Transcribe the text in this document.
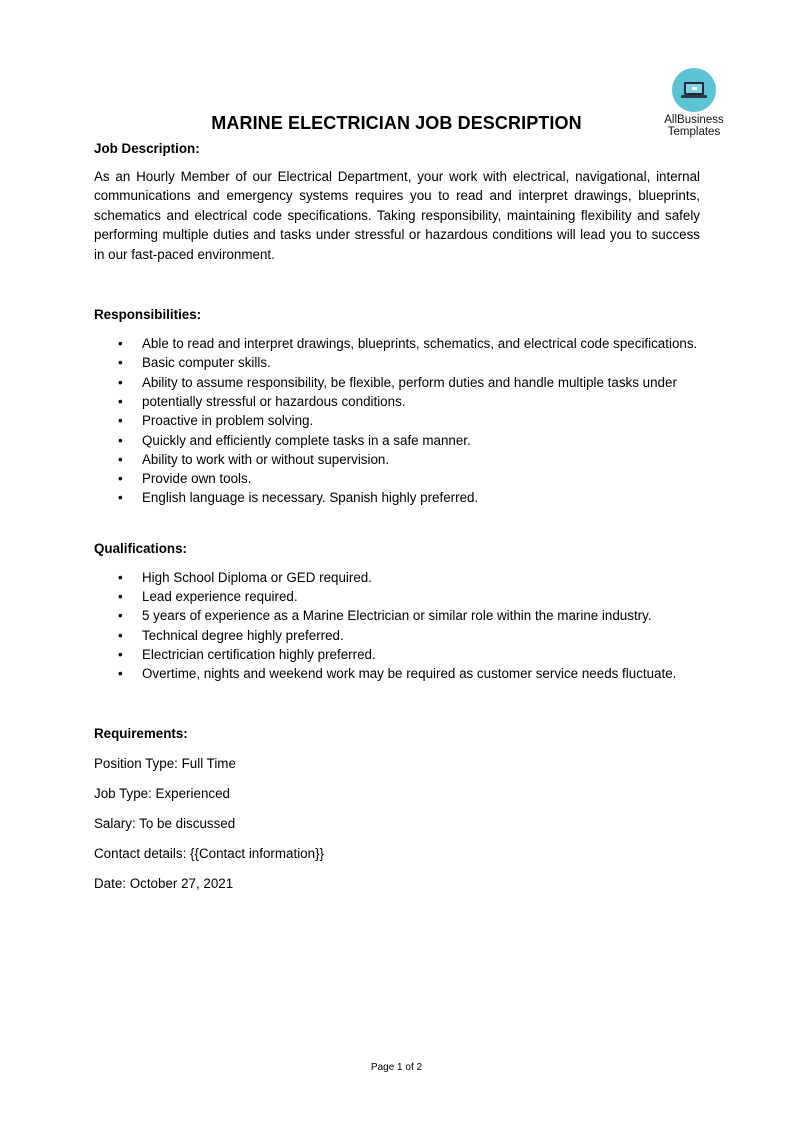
AllBusiness
Templates
MARINE ELECTRICIAN JOB DESCRIPTION

Job Description:

As an Hourly Member of our Electrical Department, your work with electrical, navigational, internal communications and emergency systems requires you to read and interpret drawings, blueprints, schematics and electrical code specifications. Taking responsibility, maintaining flexibility and safely performing multiple duties and tasks under stressful or hazardous conditions will lead you to success in our fast-paced environment.

Responsibilities:

• Able to read and interpret drawings, blueprints, schematics, and electrical code specifications.
• Basic computer skills.
• Ability to assume responsibility, be flexible, perform duties and handle multiple tasks under
• potentially stressful or hazardous conditions.
• Proactive in problem solving.
• Quickly and efficiently complete tasks in a safe manner.
• Ability to work with or without supervision.
• Provide own tools.
• English language is necessary. Spanish highly preferred.

Qualifications:

• High School Diploma or GED required.
• Lead experience required.
• 5 years of experience as a Marine Electrician or similar role within the marine industry.
• Technical degree highly preferred.
• Electrician certification highly preferred.
• Overtime, nights and weekend work may be required as customer service needs fluctuate.

Requirements:

Position Type: Full Time

Job Type: Experienced

Salary: To be discussed

Contact details: {{Contact information}}

Date: October 27, 2021

Page 1 of 2
